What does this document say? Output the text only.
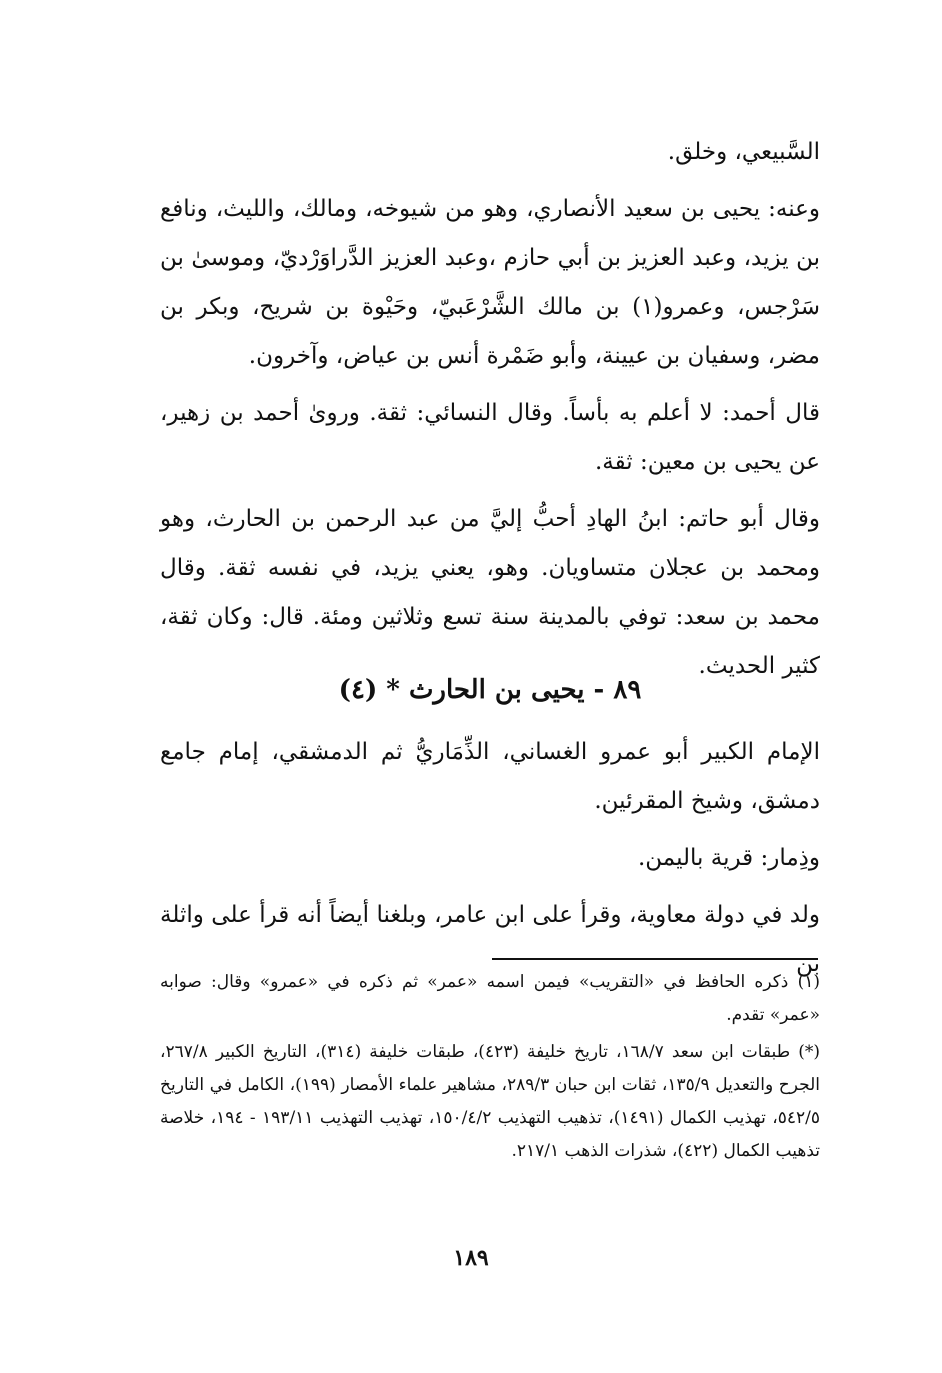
السَّبيعي، وخلق.

وعنه: يحيى بن سعيد الأنصاري، وهو من شيوخه، ومالك، والليث، ونافع بن يزيد، وعبد العزيز بن أبي حازم ،وعبد العزيز الدَّراوَرْديّ، وموسىٰ بن سَرْجس، وعمرو(١) بن مالك الشَّرْعَبيّ، وحَيْوة بن شريح، وبكر بن مضر، وسفيان بن عيينة، وأبو ضَمْرة أنس بن عياض، وآخرون.

قال أحمد: لا أعلم به بأساً. وقال النسائي: ثقة. وروىٰ أحمد بن زهير، عن يحيى بن معين: ثقة.

وقال أبو حاتم: ابنُ الهادِ أحبُّ إليَّ من عبد الرحمن بن الحارث، وهو ومحمد بن عجلان متساويان. وهو، يعني يزيد، في نفسه ثقة. وقال محمد بن سعد: توفي بالمدينة سنة تسع وثلاثين ومئة. قال: وكان ثقة، كثير الحديث.

٨٩ - يحيى بن الحارث * (٤)

الإمام الكبير أبو عمرو الغساني، الذِّمَاريُّ ثم الدمشقي، إمام جامع دمشق، وشيخ المقرئين.

وذِمار: قرية باليمن.

ولد في دولة معاوية، وقرأ على ابن عامر، وبلغنا أيضاً أنه قرأ على واثلة بن

(١) ذكره الحافظ في «التقريب» فيمن اسمه «عمر» ثم ذكره في «عمرو» وقال: صوابه «عمر» تقدم.

(*) طبقات ابن سعد ١٦٨/٧، تاريخ خليفة (٤٢٣)، طبقات خليفة (٣١٤)، التاريخ الكبير ٢٦٧/٨، الجرح والتعديل ١٣٥/٩، ثقات ابن حبان ٢٨٩/٣، مشاهير علماء الأمصار (١٩٩)، الكامل في التاريخ ٥٤٢/٥، تهذيب الكمال (١٤٩١)، تذهيب التهذيب ١٥٠/٤/٢، تهذيب التهذيب ١٩٣/١١ - ١٩٤، خلاصة تذهيب الكمال (٤٢٢)، شذرات الذهب ٢١٧/١.

١٨٩
